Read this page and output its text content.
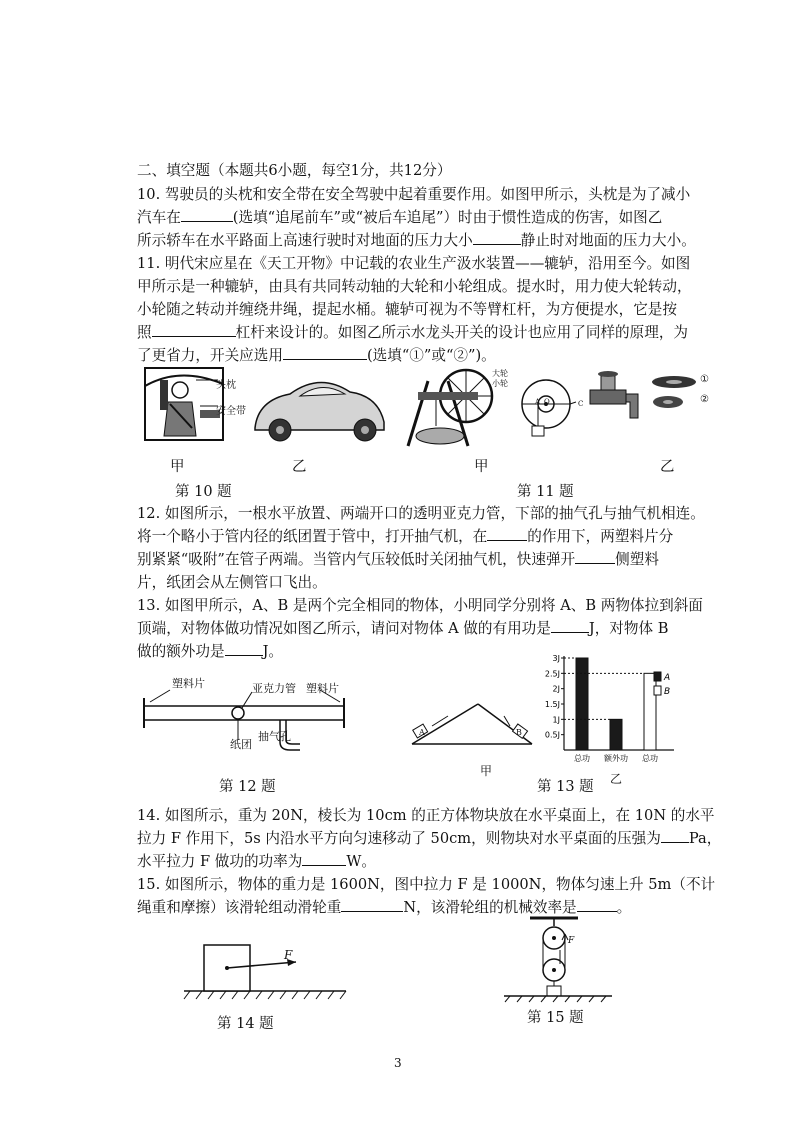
二、填空题（本题共6小题，每空1分，共12分）
10. 驾驶员的头枕和安全带在安全驾驶中起着重要作用。如图甲所示，头枕是为了减小
汽车在	(选填“追尾前车”或“被后车追尾”）时由于惯性造成的伤害，如图乙
所示轿车在水平路面上高速行驶时对地面的压力大小	静止时对地面的压力大小。
11. 明代宋应星在《天工开物》中记载的农业生产汲水装置——辘轳，沿用至今。如图
甲所示是一种辘轳，由具有共同转动轴的大轮和小轮组成。提水时，用力使大轮转动，
小轮随之转动并缠绕井绳，提起水桶。辘轳可视为不等臂杠杆，为方便提水，它是按
照	杠杆来设计的。如图乙所示水龙头开关的设计也应用了同样的原理，为
了更省力，开关应选用	(选填“①”或“②”)。
头枕
安全带
大轮
小轮
A O	C
①
②
甲	乙	甲	乙
第 10 题	第 11 题
12. 如图所示，一根水平放置、两端开口的透明亚克力管，下部的抽气孔与抽气机相连。
将一个略小于管内径的纸团置于管中，打开抽气机，在	的作用下，两塑料片分
别紧紧“吸附”在管子两端。当管内气压较低时关闭抽气机，快速弹开	侧塑料
片，纸团会从左侧管口飞出。
13. 如图甲所示，A、B 是两个完全相同的物体，小明同学分别将 A、B 两物体拉到斜面
顶端，对物体做功情况如图乙所示，请问对物体 A 做的有用功是	J，对物体 B
做的额外功是	J。
塑料片	亚克力管 塑料片
纸团
抽气孔
第 12 题
A	B
甲
0.5J
1J
1.5J
2J
2.5J
3J
总功 额外功 总功
A
B
第 13 题 乙
14. 如图所示，重为 20N，棱长为 10cm 的正方体物块放在水平桌面上，在 10N 的水平
拉力 F 作用下，5s 内沿水平方向匀速移动了 50cm，则物块对水平桌面的压强为 Pa，
水平拉力 F 做功的功率为	W。
15. 如图所示，物体的重力是 1600N，图中拉力 F 是 1000N，物体匀速上升 5m（不计
绳重和摩擦）该滑轮组动滑轮重	N，该滑轮组的机械效率是	。
F
第 14 题
F
第 15 题
3
